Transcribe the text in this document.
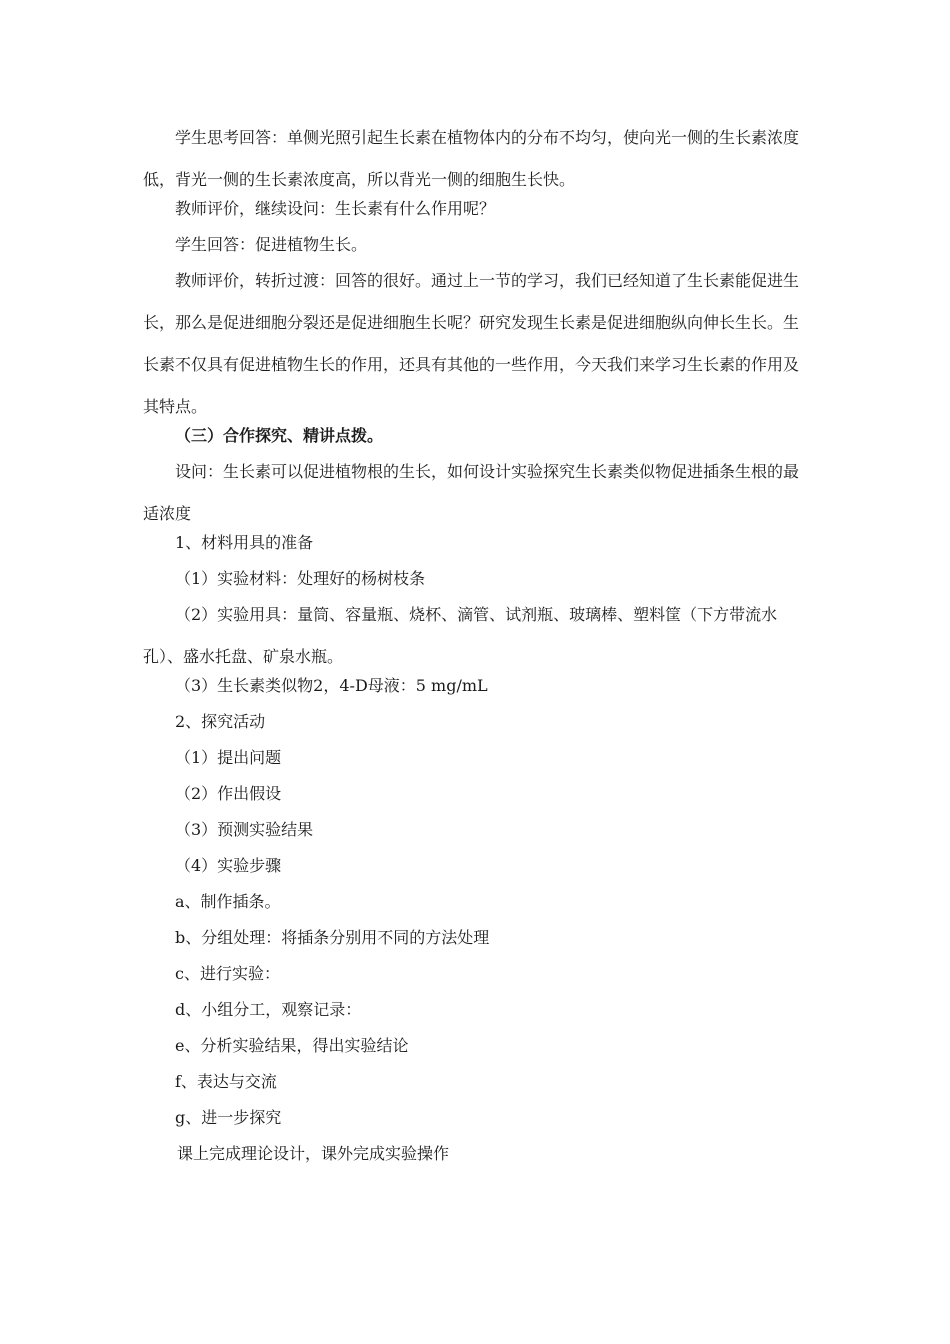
学生思考回答：单侧光照引起生长素在植物体内的分布不均匀，使向光一侧的生长素浓度低，背光一侧的生长素浓度高，所以背光一侧的细胞生长快。

教师评价，继续设问：生长素有什么作用呢？

学生回答：促进植物生长。

教师评价，转折过渡：回答的很好。通过上一节的学习，我们已经知道了生长素能促进生长，那么是促进细胞分裂还是促进细胞生长呢？研究发现生长素是促进细胞纵向伸长生长。生长素不仅具有促进植物生长的作用，还具有其他的一些作用，今天我们来学习生长素的作用及其特点。

（三）合作探究、精讲点拨。

设问：生长素可以促进植物根的生长，如何设计实验探究生长素类似物促进插条生根的最适浓度

1、材料用具的准备

（1）实验材料：处理好的杨树枝条

（2）实验用具：量筒、容量瓶、烧杯、滴管、试剂瓶、玻璃棒、塑料筐（下方带流水孔）、盛水托盘、矿泉水瓶。

（3）生长素类似物2，4-D母液：5 mg/mL

2、探究活动

（1）提出问题

（2）作出假设

（3）预测实验结果

（4）实验步骤

a、制作插条。

b、分组处理：将插条分别用不同的方法处理

c、进行实验：

d、小组分工，观察记录：

e、分析实验结果，得出实验结论

f、表达与交流

g、进一步探究

课上完成理论设计，课外完成实验操作
